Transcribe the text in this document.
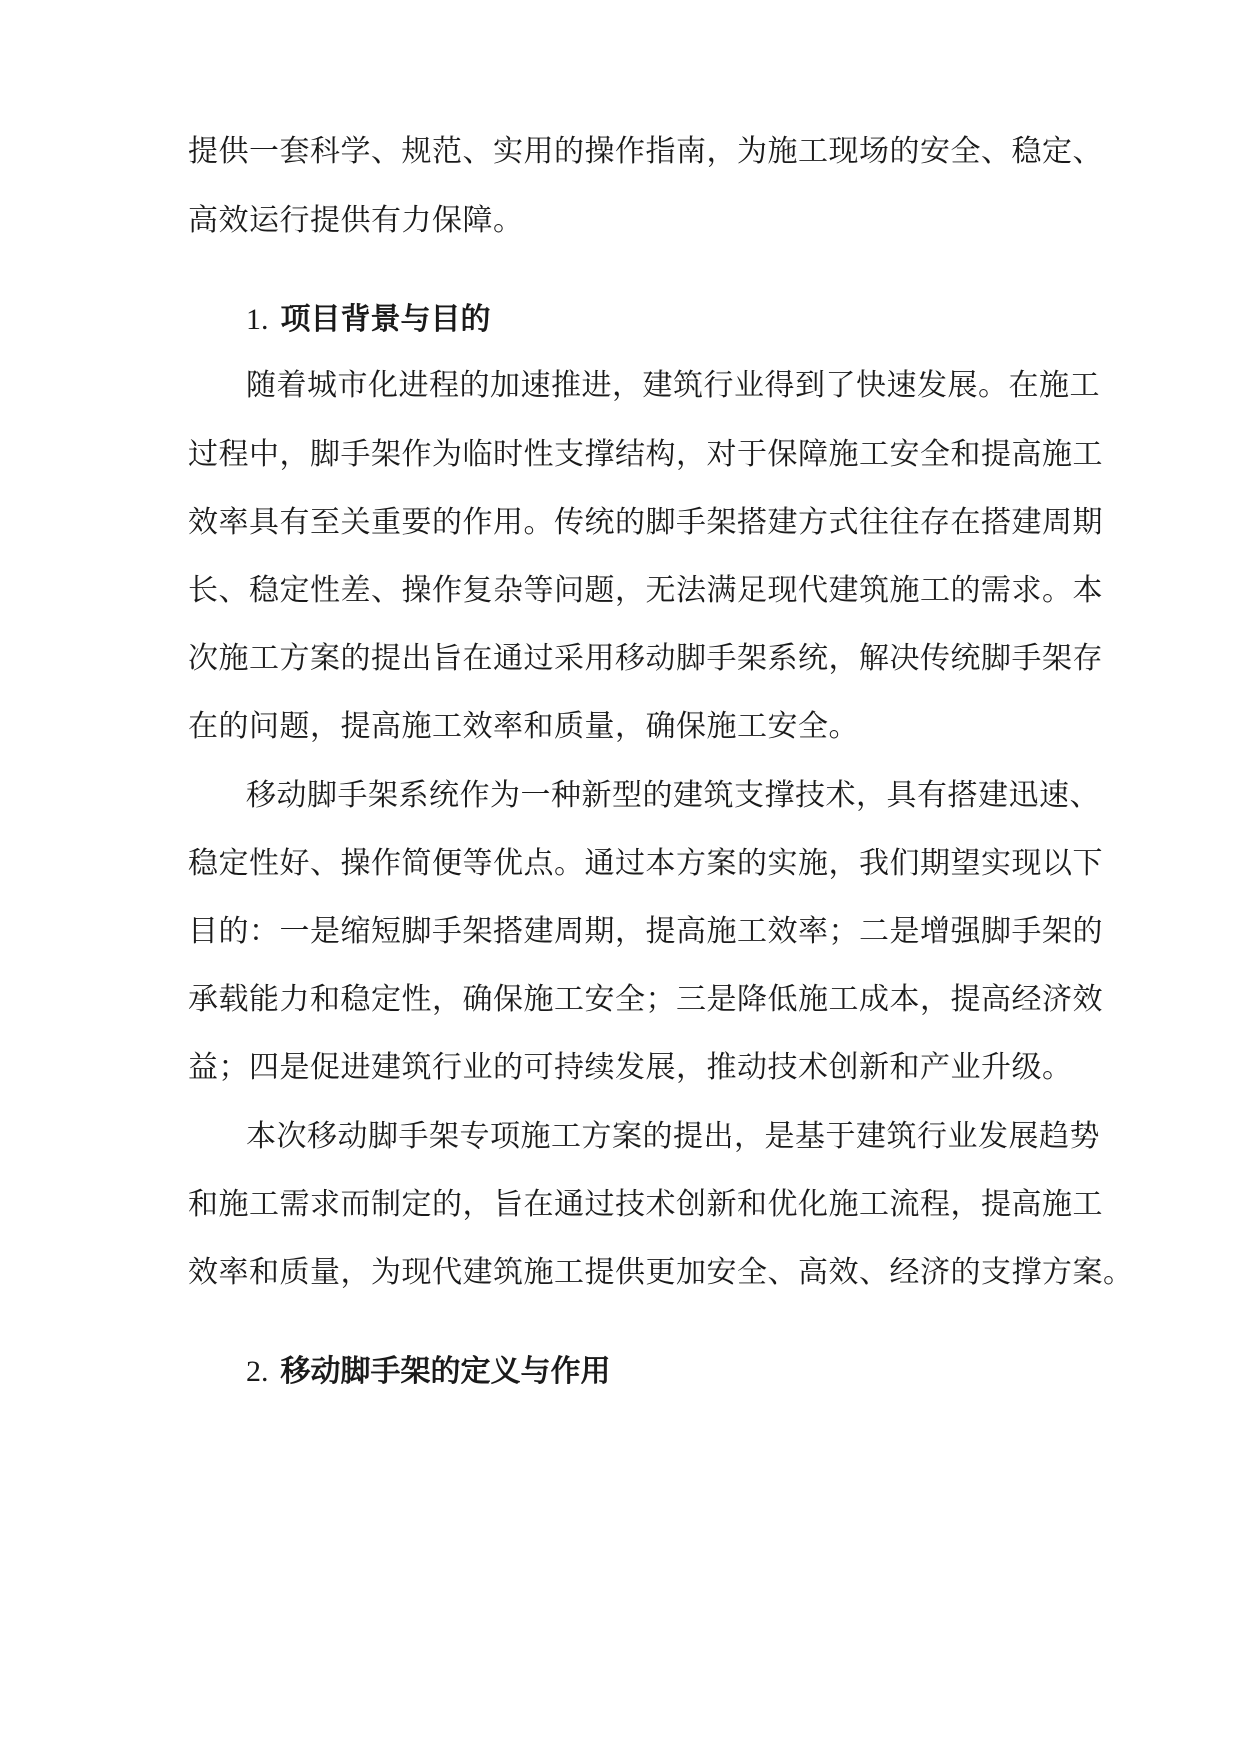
提供一套科学、规范、实用的操作指南，为施工现场的安全、稳定、
高效运行提供有力保障。
1. 项目背景与目的
随着城市化进程的加速推进，建筑行业得到了快速发展。在施工
过程中，脚手架作为临时性支撑结构，对于保障施工安全和提高施工
效率具有至关重要的作用。传统的脚手架搭建方式往往存在搭建周期
长、稳定性差、操作复杂等问题，无法满足现代建筑施工的需求。本
次施工方案的提出旨在通过采用移动脚手架系统，解决传统脚手架存
在的问题，提高施工效率和质量，确保施工安全。
移动脚手架系统作为一种新型的建筑支撑技术，具有搭建迅速、
稳定性好、操作简便等优点。通过本方案的实施，我们期望实现以下
目的：一是缩短脚手架搭建周期，提高施工效率；二是增强脚手架的
承载能力和稳定性，确保施工安全；三是降低施工成本，提高经济效
益；四是促进建筑行业的可持续发展，推动技术创新和产业升级。
本次移动脚手架专项施工方案的提出，是基于建筑行业发展趋势
和施工需求而制定的，旨在通过技术创新和优化施工流程，提高施工
效率和质量，为现代建筑施工提供更加安全、高效、经济的支撑方案。
2. 移动脚手架的定义与作用
